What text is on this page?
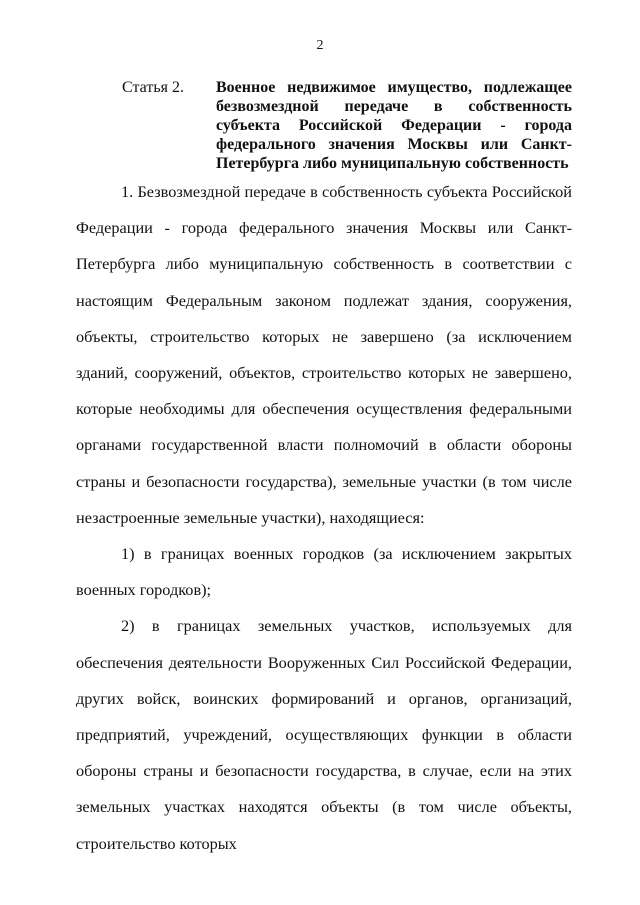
2
Статья 2.	Военное недвижимое имущество, подлежащее безвозмездной передаче в собственность субъекта Российской Федерации - города федерального значения Москвы или Санкт-Петербурга либо муниципальную собственность

1. Безвозмездной передаче в собственность субъекта Российской Федерации - города федерального значения Москвы или Санкт-Петербурга либо муниципальную собственность в соответствии с настоящим Федеральным законом подлежат здания, сооружения, объекты, строительство которых не завершено (за исключением зданий, сооружений, объектов, строительство которых не завершено, которые необходимы для обеспечения осуществления федеральными органами государственной власти полномочий в области обороны страны и безопасности государства), земельные участки (в том числе незастроенные земельные участки), находящиеся:

1) в границах военных городков (за исключением закрытых военных городков);

2) в границах земельных участков, используемых для обеспечения деятельности Вооруженных Сил Российской Федерации, других войск, воинских формирований и органов, организаций, предприятий, учреждений, осуществляющих функции в области обороны страны и безопасности государства, в случае, если на этих земельных участках находятся объекты (в том числе объекты, строительство которых
